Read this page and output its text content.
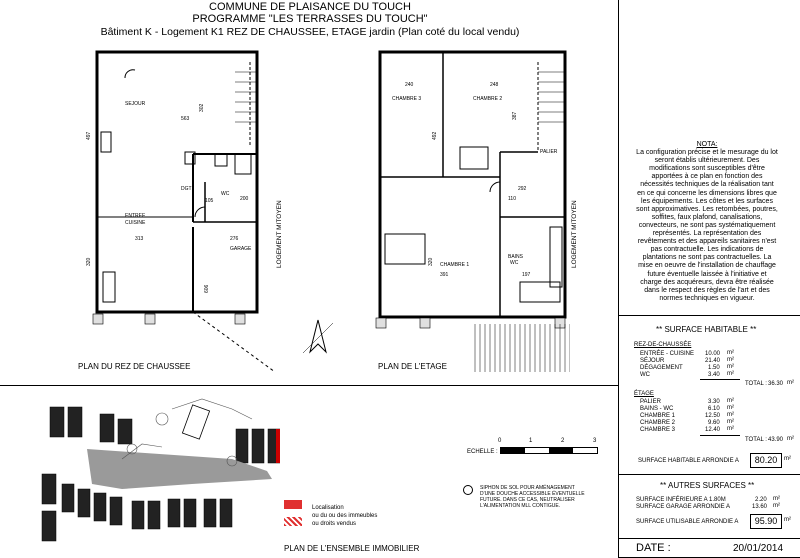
COMMUNE DE PLAISANCE DU TOUCH
PROGRAMME "LES TERRASSES DU TOUCH"
Bâtiment K - Logement K1 REZ DE CHAUSSEE, ETAGE jardin (Plan coté du local vendu)
SEJOUR
ENTREE
CUISINE
DGT
WC
GARAGE
563
497
302
313	276
320
606
200
105	LOGEMENT MITOYEN	LOGEMENT MITOYEN
CHAMBRE 3	CHAMBRE 2
CHAMBRE 1
PALIER
BAINS
WC
240	248
492
387
292
320
391	197
110
PLAN DU REZ DE CHAUSSEE	PLAN DE L'ETAGE
NOTA:
La configuration précise et le mesurage du lot
seront établis ultérieurement. Des
modifications sont susceptibles d'être
apportées à ce plan en fonction des
nécessités techniques de la réalisation tant
en ce qui concerne les dimensions libres que
les équipements. Les côtes et les surfaces
sont approximatives. Les retombées, poutres,
soffites, faux plafond, canalisations,
convecteurs, ne sont pas systématiquement
représentés. La représentation des
revêtements et des appareils sanitaires n'est
pas contractuelle. Les indications de
plantations ne sont pas contractuelles. La
mise en oeuvre de l'installation de chauffage
future éventuelle laissée à l'initiative et
charge des acquéreurs, devra être réalisée
dans le respect des règles de l'art et des
normes techniques en vigueur.
** SURFACE HABITABLE **
REZ-DE-CHAUSSÉE
ENTRÉE - CUISINE 10.00 m²
SÉJOUR	21.40 m²
DÉGAGEMENT	1.50 m²
WC	3.40 m²
TOTAL : 36.30 m²
ÉTAGE
PALIER	3.30 m²
BAINS - WC	6.10 m²
CHAMBRE 1	12.50 m²
CHAMBRE 2	9.60 m²
CHAMBRE 3	12.40 m²
TOTAL : 43.90 m²
SURFACE HABITABLE ARRONDIE A	80.20	m²
** AUTRES SURFACES **
SURFACE INFÉRIEURE A 1.80M	2.20 m²
SURFACE GARAGE ARRONDIE A	13.60 m²
SURFACE UTILISABLE ARRONDIE A	95.90	m²
DATE :	20/01/2014
Localisation
ou du ou des immeubles
ou droits vendus
PLAN DE L'ENSEMBLE IMMOBILIER
ECHELLE :
0	1	2	3
SIPHON DE SOL POUR AMÉNAGEMENT
D'UNE DOUCHE ACCESSIBLE ÉVENTUELLE
FUTURE. DANS CE CAS, NEUTRALISER
L'ALIMENTATION MLL CONTIGUE.
